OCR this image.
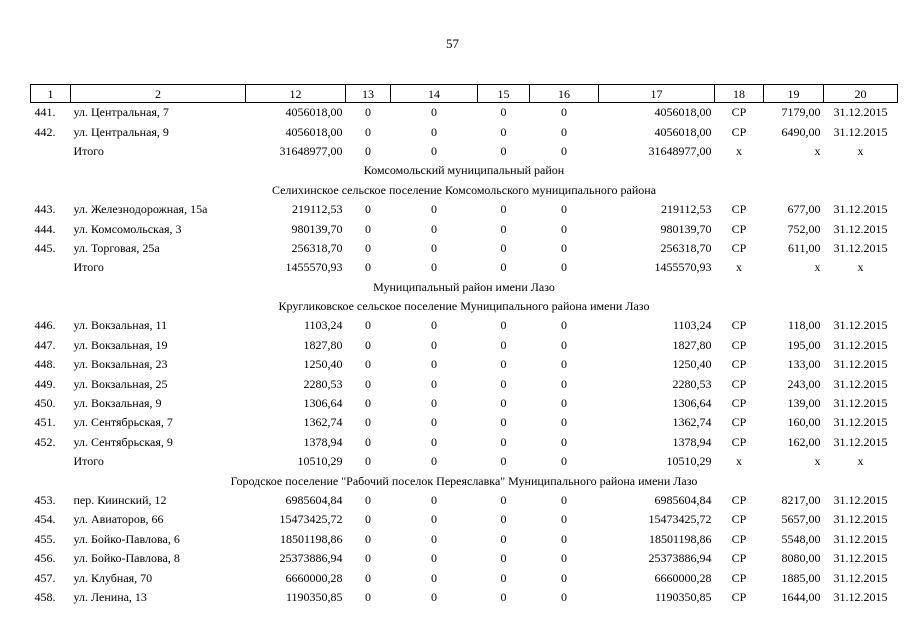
57
1	2	12	13	14	15	16	17	18	19	20
441.	ул. Центральная, 7	4056018,00	0	0	0	0	4056018,00	СР	7179,00	31.12.2015
442.	ул. Центральная, 9	4056018,00	0	0	0	0	4056018,00	СР	6490,00	31.12.2015
	Итого	31648977,00	0	0	0	0	31648977,00	х	х	х
Комсомольский муниципальный район										
Селихинское сельское поселение Комсомольского муниципального района										
443.	ул. Железнодорожная, 15а	219112,53	0	0	0	0	219112,53	СР	677,00	31.12.2015
444.	ул. Комсомольская, 3	980139,70	0	0	0	0	980139,70	СР	752,00	31.12.2015
445.	ул. Торговая, 25а	256318,70	0	0	0	0	256318,70	СР	611,00	31.12.2015
	Итого	1455570,93	0	0	0	0	1455570,93	х	х	х
Муниципальный район имени Лазо										
Кругликовское сельское поселение Муниципального района имени Лазо										
446.	ул. Вокзальная, 11	1103,24	0	0	0	0	1103,24	СР	118,00	31.12.2015
447.	ул. Вокзальная, 19	1827,80	0	0	0	0	1827,80	СР	195,00	31.12.2015
448.	ул. Вокзальная, 23	1250,40	0	0	0	0	1250,40	СР	133,00	31.12.2015
449.	ул. Вокзальная, 25	2280,53	0	0	0	0	2280,53	СР	243,00	31.12.2015
450.	ул. Вокзальная, 9	1306,64	0	0	0	0	1306,64	СР	139,00	31.12.2015
451.	ул. Сентябрьская, 7	1362,74	0	0	0	0	1362,74	СР	160,00	31.12.2015
452.	ул. Сентябрьская, 9	1378,94	0	0	0	0	1378,94	СР	162,00	31.12.2015
	Итого	10510,29	0	0	0	0	10510,29	х	х	х
Городское поселение "Рабочий поселок Переяславка" Муниципального района имени Лазо										
453.	пер. Киинский, 12	6985604,84	0	0	0	0	6985604,84	СР	8217,00	31.12.2015
454.	ул. Авиаторов, 66	15473425,72	0	0	0	0	15473425,72	СР	5657,00	31.12.2015
455.	ул. Бойко-Павлова, 6	18501198,86	0	0	0	0	18501198,86	СР	5548,00	31.12.2015
456.	ул. Бойко-Павлова, 8	25373886,94	0	0	0	0	25373886,94	СР	8080,00	31.12.2015
457.	ул. Клубная, 70	6660000,28	0	0	0	0	6660000,28	СР	1885,00	31.12.2015
458.	ул. Ленина, 13	1190350,85	0	0	0	0	1190350,85	СР	1644,00	31.12.2015
